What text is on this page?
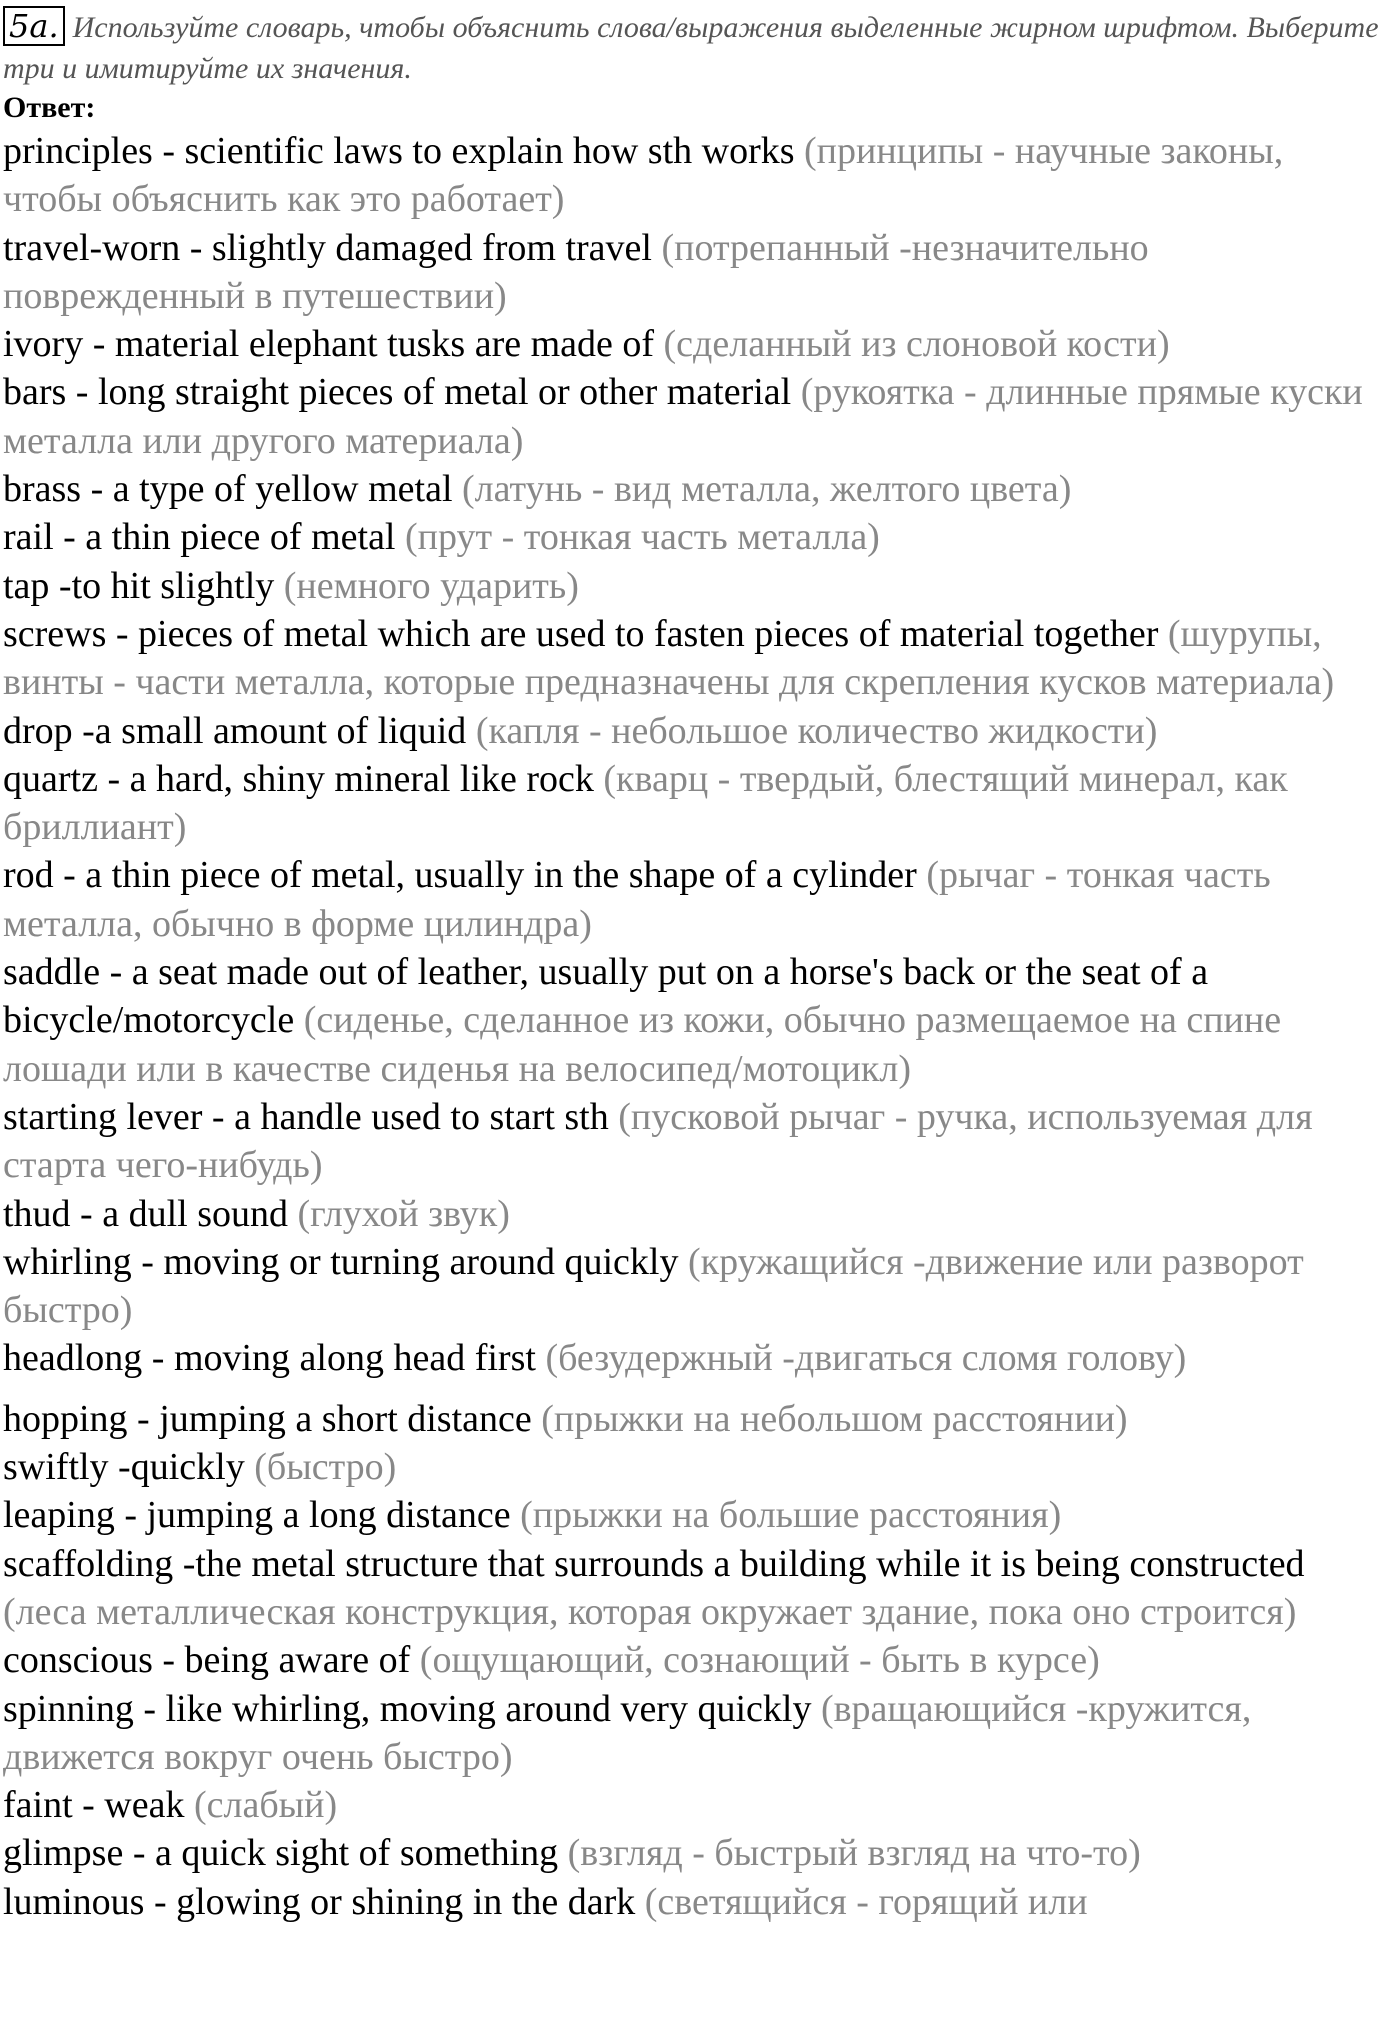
5a. Используйте словарь, чтобы объяснить слова/выражения выделенные жирном шрифтом. Выберите три и имитируйте их значения.
Ответ:
principles - scientific laws to explain how sth works (принципы - научные законы, чтобы объяснить как это работает)
travel-worn - slightly damaged from travel (потрепанный -незначительно поврежденный в путешествии)
ivory - material elephant tusks are made of (сделанный из слоновой кости)
bars - long straight pieces of metal or other material (рукоятка - длинные прямые куски металла или другого материала)
brass - a type of yellow metal (латунь - вид металла, желтого цвета)
rail - a thin piece of metal (прут - тонкая часть металла)
tap -to hit slightly (немного ударить)
screws - pieces of metal which are used to fasten pieces of material together (шурупы, винты - части металла, которые предназначены для скрепления кусков материала)
drop -a small amount of liquid (капля - небольшое количество жидкости)
quartz - a hard, shiny mineral like rock (кварц - твердый, блестящий минерал, как бриллиант)
rod - a thin piece of metal, usually in the shape of a cylinder (рычаг - тонкая часть металла, обычно в форме цилиндра)
saddle - a seat made out of leather, usually put on a horse's back or the seat of a bicycle/motorcycle (сиденье, сделанное из кожи, обычно размещаемое на спине лошади или в качестве сиденья на велосипед/мотоцикл)
starting lever - a handle used to start sth (пусковой рычаг - ручка, используемая для старта чего-нибудь)
thud - a dull sound (глухой звук)
whirling - moving or turning around quickly (кружащийся -движение или разворот быстро)
headlong - moving along head first (безудержный -двигаться сломя голову)
hopping - jumping a short distance (прыжки на небольшом расстоянии)
swiftly -quickly (быстро)
leaping - jumping a long distance (прыжки на большие расстояния)
scaffolding -the metal structure that surrounds a building while it is being constructed (леса металлическая конструкция, которая окружает здание, пока оно строится)
conscious - being aware of (ощущающий, сознающий - быть в курсе)
spinning - like whirling, moving around very quickly (вращающийся -кружится, движется вокруг очень быстро)
faint - weak (слабый)
glimpse - a quick sight of something (взгляд - быстрый взгляд на что-то)
luminous - glowing or shining in the dark (светящийся - горящий или
